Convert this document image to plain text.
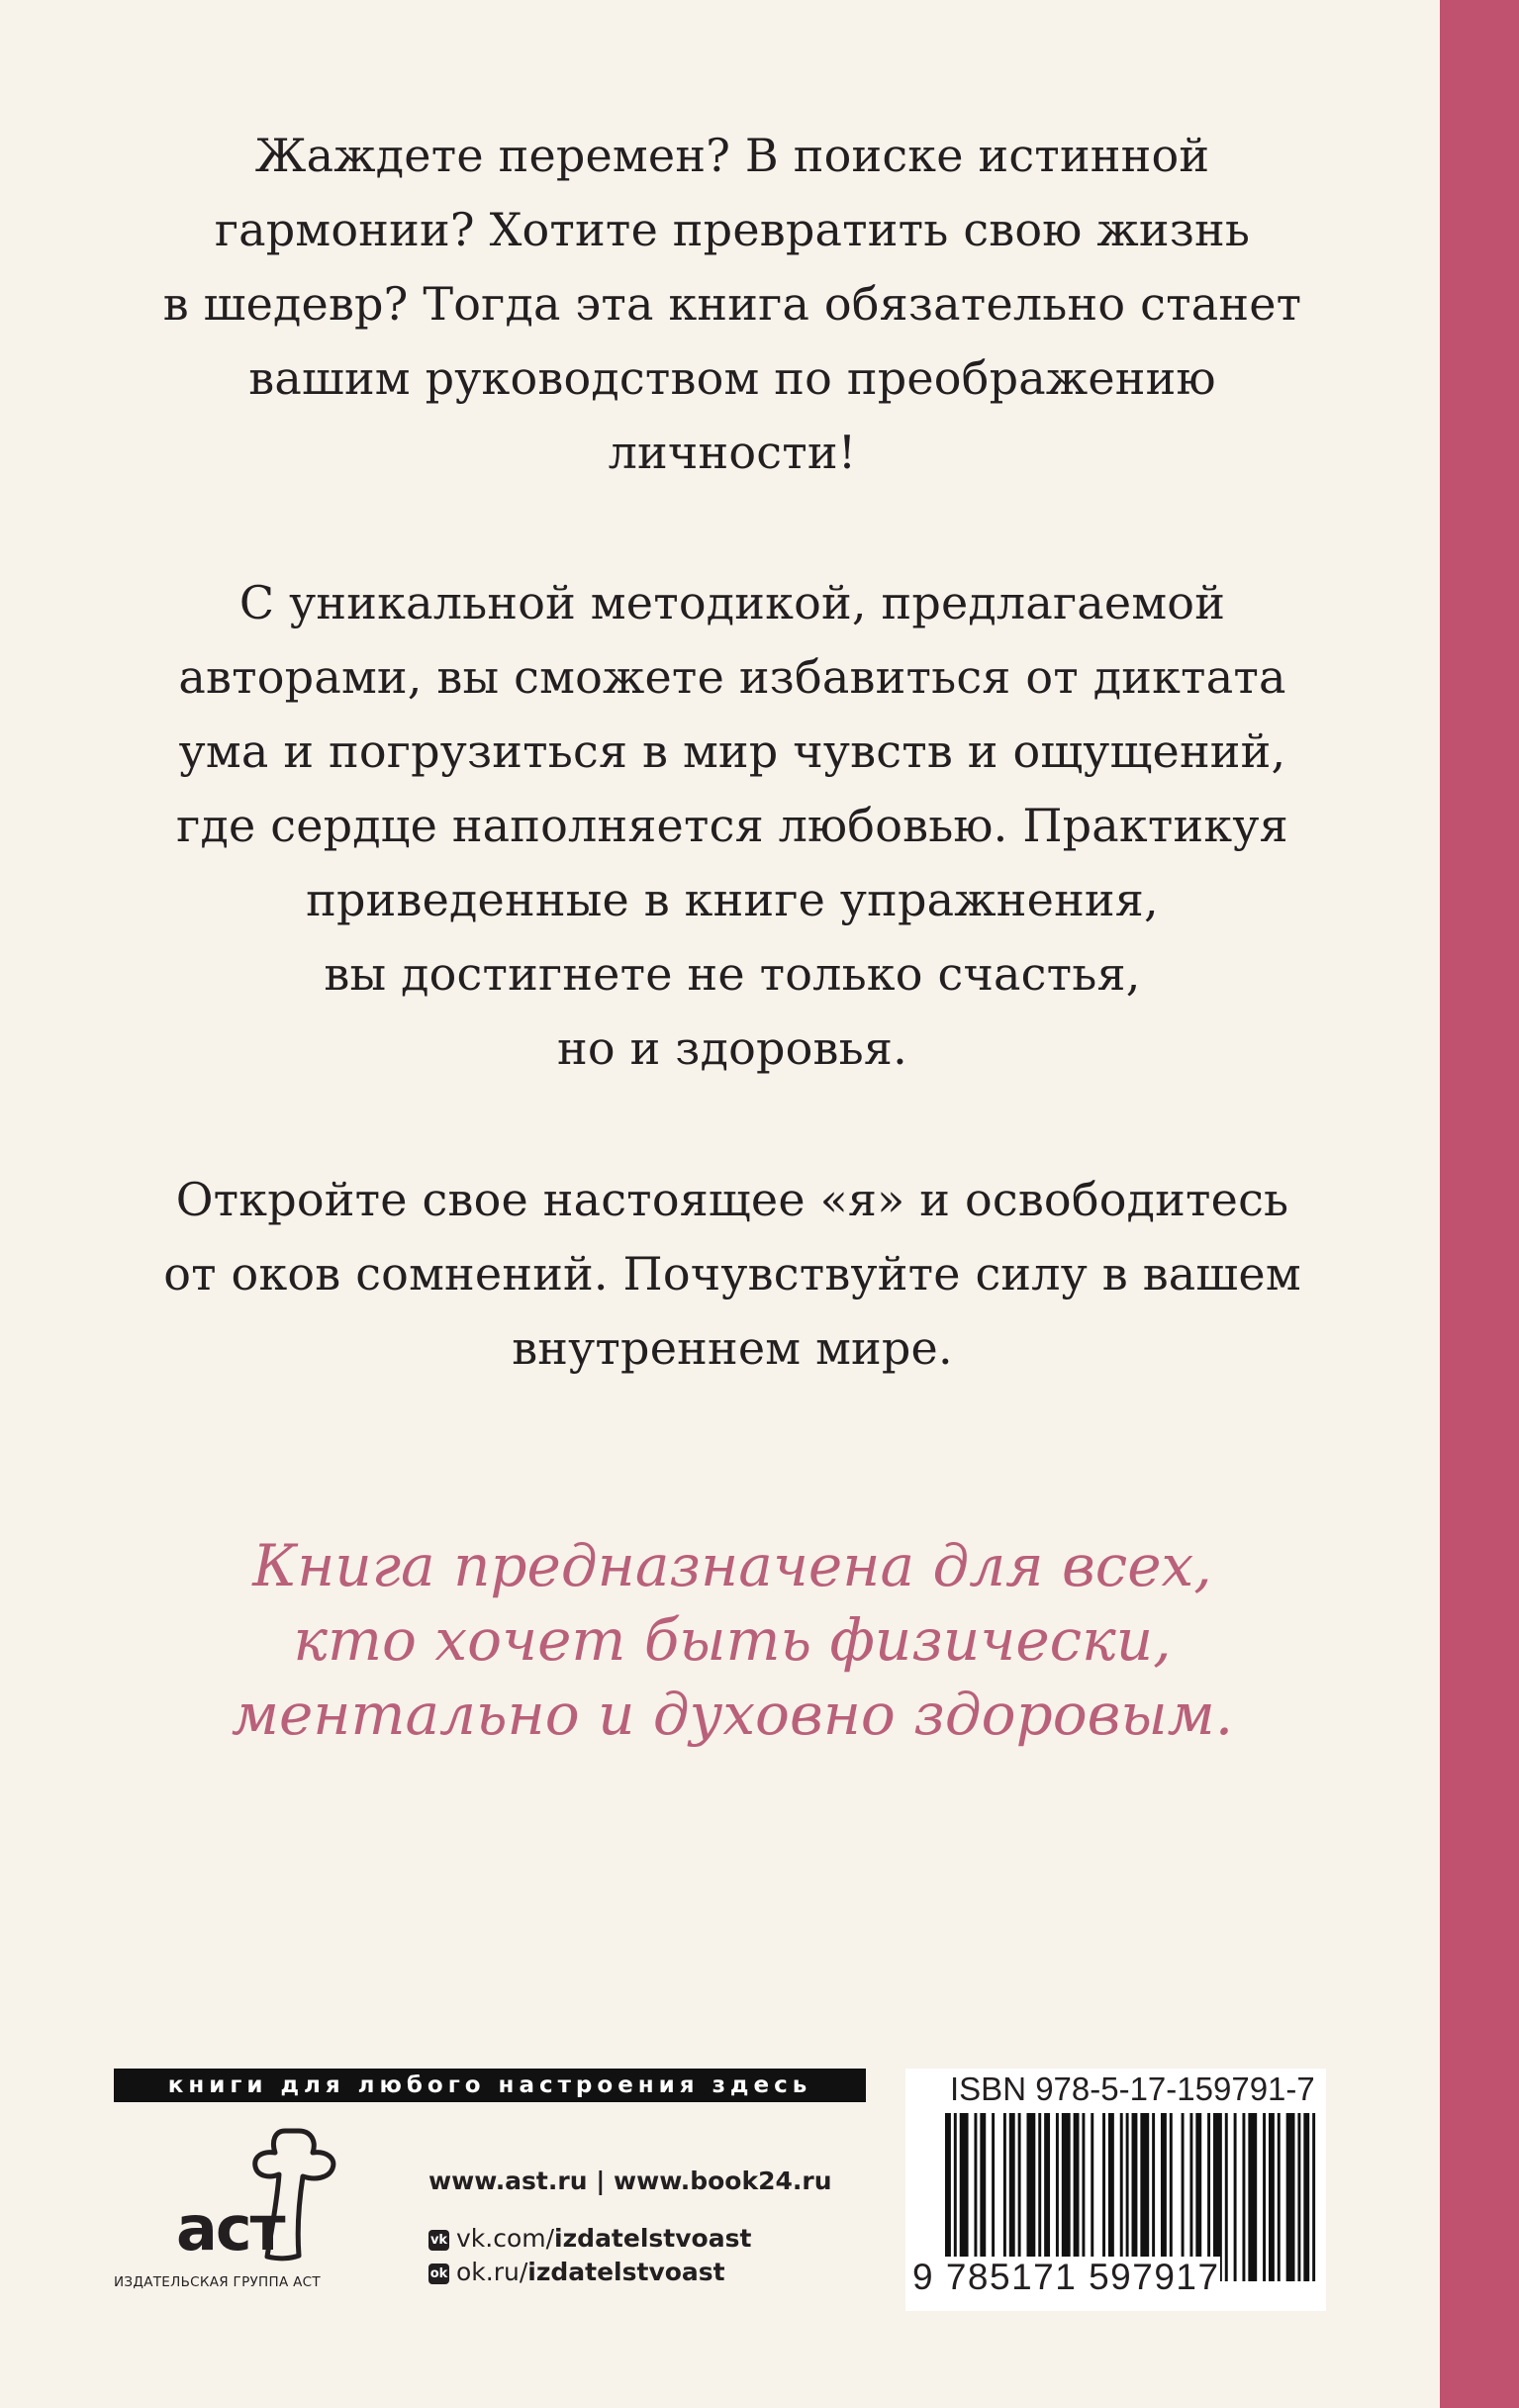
Жаждете перемен? В поиске истинной
гармонии? Хотите превратить свою жизнь
в шедевр? Тогда эта книга обязательно станет
вашим руководством по преображению
личности!

С уникальной методикой, предлагаемой
авторами, вы сможете избавиться от диктата
ума и погрузиться в мир чувств и ощущений,
где сердце наполняется любовью. Практикуя
приведенные в книге упражнения,
вы достигнете не только счастья,
но и здоровья.

Откройте свое настоящее «я» и освободитесь
от оков сомнений. Почувствуйте силу в вашем
внутреннем мире.

Книга предназначена для всех,
кто хочет быть физически,
ментально и духовно здоровым.
книги для любого настроения здесь
аст
ИЗДАТЕЛЬСКАЯ ГРУППА АСТ
www.ast.ru | www.book24.ru
vk vk.com/izdatelstvoast
ok ok.ru/izdatelstvoast
ISBN 978-5-17-159791-7
9 785171 597917
